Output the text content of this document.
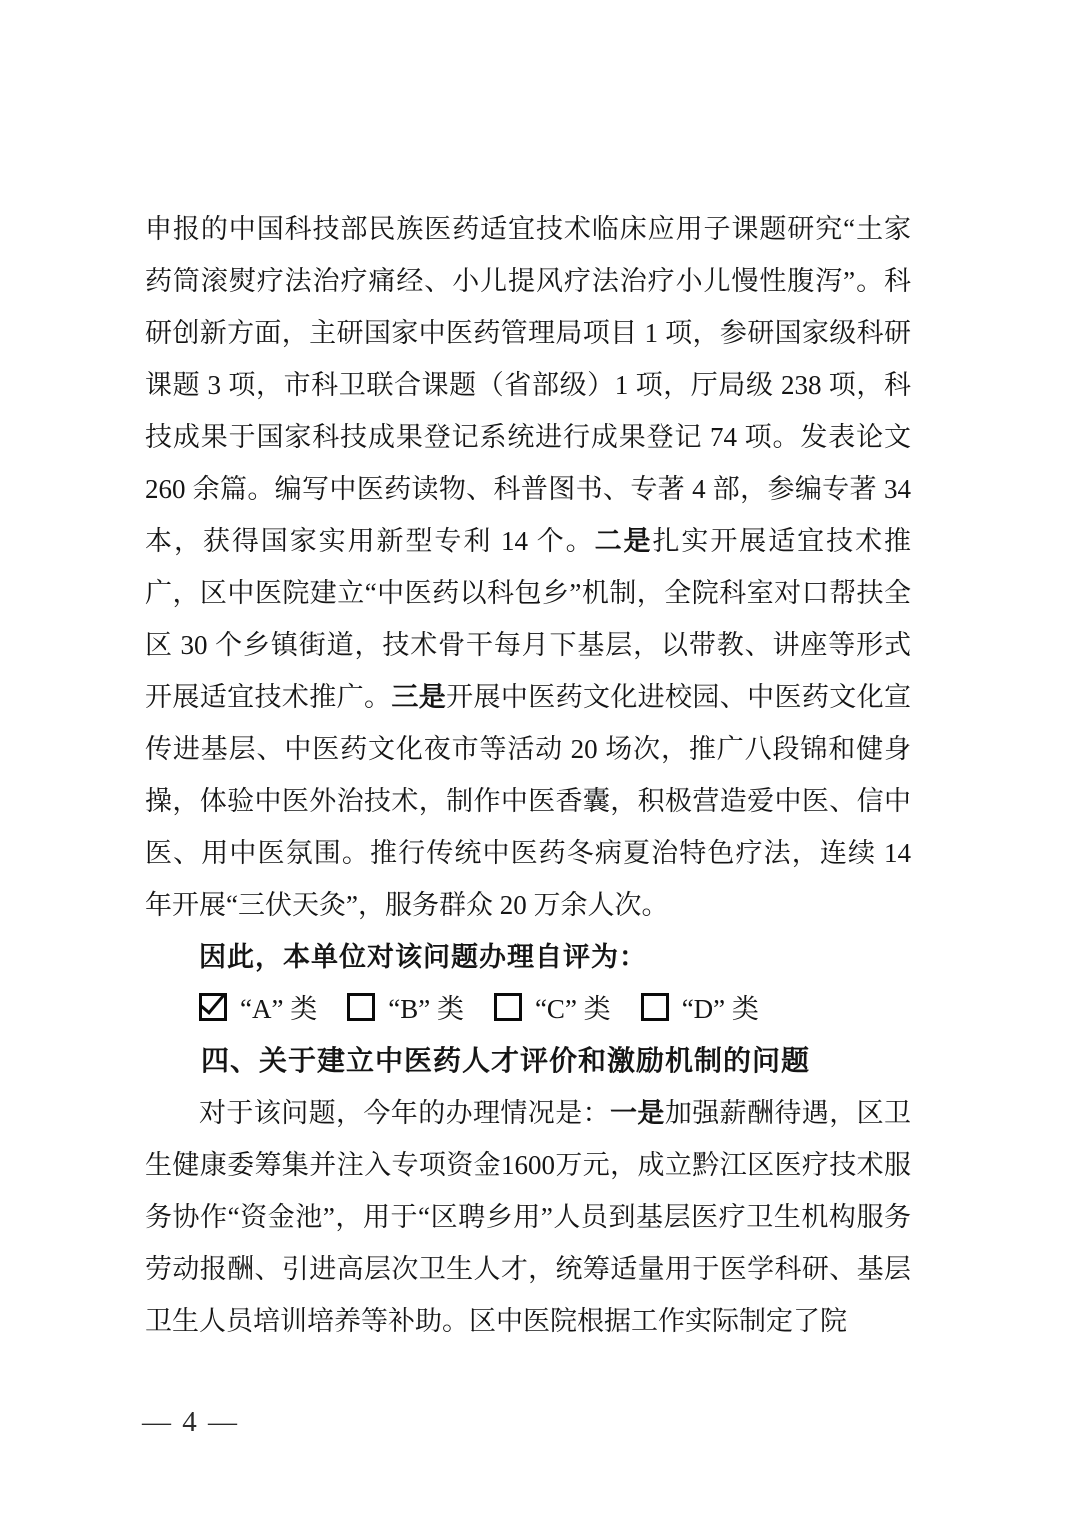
申报的中国科技部民族医药适宜技术临床应用子课题研究“土家药筒滚熨疗法治疗痛经、小儿提风疗法治疗小儿慢性腹泻”。科研创新方面，主研国家中医药管理局项目 1 项，参研国家级科研课题 3 项，市科卫联合课题（省部级）1 项，厅局级 238 项，科技成果于国家科技成果登记系统进行成果登记 74 项。发表论文 260 余篇。编写中医药读物、科普图书、专著 4 部，参编专著 34 本，获得国家实用新型专利 14 个。二是扎实开展适宜技术推广，区中医院建立“中医药以科包乡”机制，全院科室对口帮扶全区 30 个乡镇街道，技术骨干每月下基层，以带教、讲座等形式开展适宜技术推广。三是开展中医药文化进校园、中医药文化宣传进基层、中医药文化夜市等活动 20 场次，推广八段锦和健身操，体验中医外治技术，制作中医香囊，积极营造爱中医、信中医、用中医氛围。推行传统中医药冬病夏治特色疗法，连续 14 年开展“三伏天灸”，服务群众 20 万余人次。

因此，本单位对该问题办理自评为：

“A” 类	“B” 类	“C” 类	“D” 类

四、关于建立中医药人才评价和激励机制的问题

对于该问题，今年的办理情况是：一是加强薪酬待遇，区卫生健康委筹集并注入专项资金1600万元，成立黔江区医疗技术服务协作“资金池”，用于“区聘乡用”人员到基层医疗卫生机构服务劳动报酬、引进高层次卫生人才，统筹适量用于医学科研、基层卫生人员培训培养等补助。区中医院根据工作实际制定了院

— 4 —
